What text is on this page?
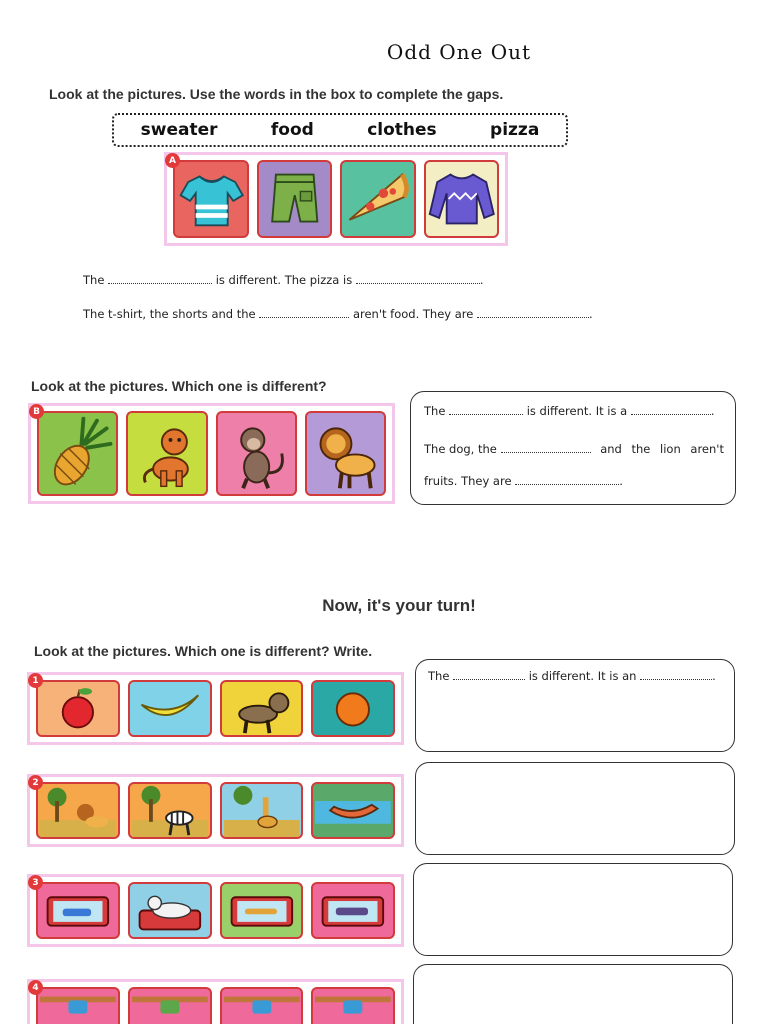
Odd One Out
Look at the pictures. Use the words in the box to complete the gaps.
sweater	food	clothes	pizza
A
The	is different. The pizza is	.
The t-shirt, the shorts and the	aren't food. They are	.
Look at the pictures. Which one is different?
B	The	is different. It is a	.
The dog, the	and the lion aren't
fruits. They are	.
Now, it's your turn!
Look at the pictures. Which one is different? Write.
1	The	is different. It is an	.
2
3
4
